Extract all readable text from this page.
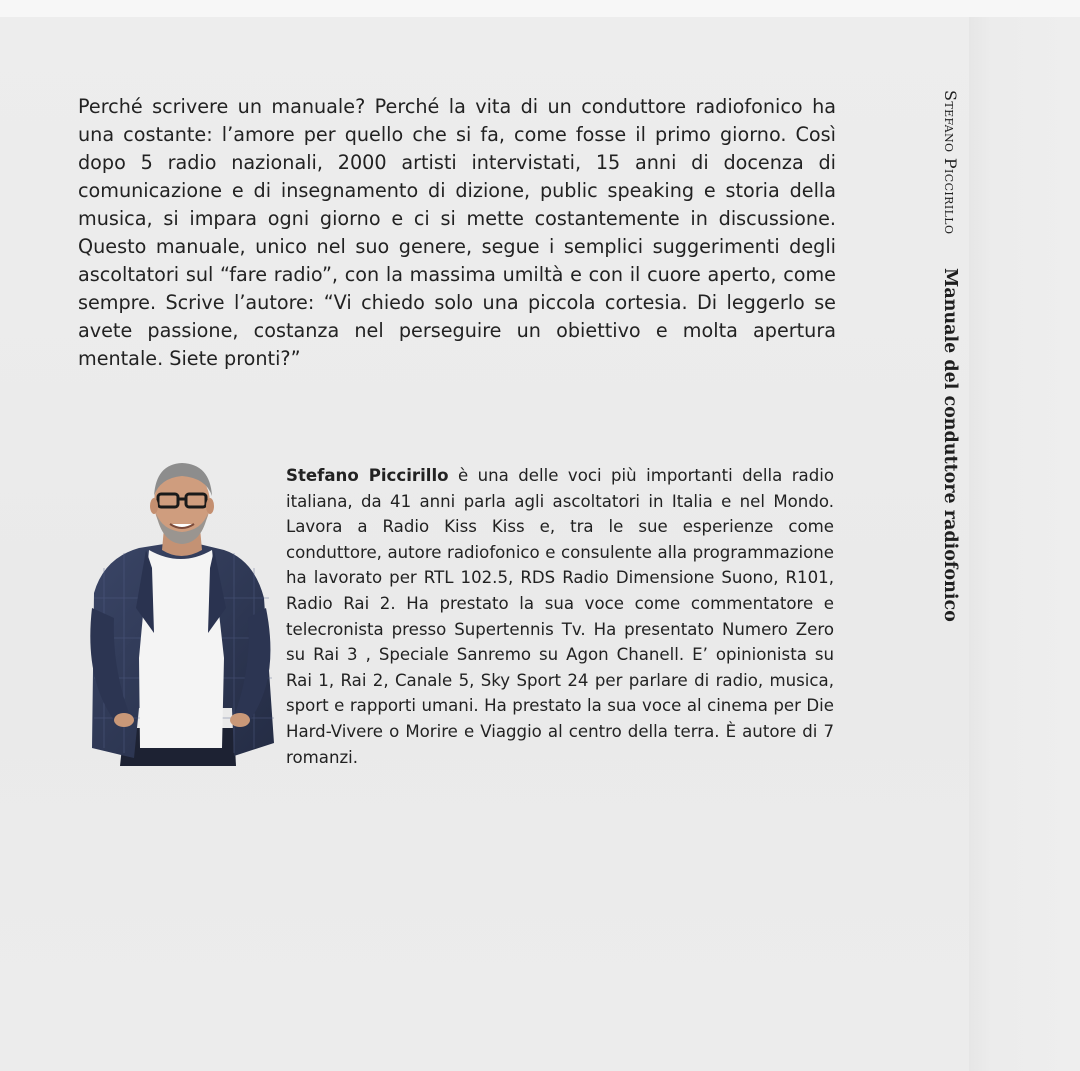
Perché scrivere un manuale? Perché la vita di un conduttore radiofonico ha una costante: l’amore per quello che si fa, come fosse il primo giorno. Così dopo 5 radio nazionali, 2000 artisti intervistati, 15 anni di docenza di comunicazione e di insegnamento di dizione, public speaking e storia della musica, si impara ogni giorno e ci si mette costantemente in discussione. Questo manuale, unico nel suo genere, segue i semplici suggerimenti degli ascoltatori sul “fare radio”, con la massima umiltà e con il cuore aperto, come sempre. Scrive l’autore: “Vi chiedo solo una piccola cortesia. Di leggerlo se avete passione, costanza nel perseguire un obiettivo e molta apertura mentale. Siete pronti?”

Stefano Piccirillo è una delle voci più importanti della radio italiana, da 41 anni parla agli ascoltatori in Italia e nel Mondo. Lavora a Radio Kiss Kiss e, tra le sue esperienze come conduttore, autore radiofonico e consulente alla programmazione ha lavorato per RTL 102.5, RDS Radio Dimensione Suono, R101, Radio Rai 2. Ha prestato la sua voce come commentatore e telecronista presso Supertennis Tv. Ha presentato Numero Zero su Rai 3 , Speciale Sanremo su Agon Chanell. E’ opinionista su Rai 1, Rai 2, Canale 5, Sky Sport 24 per parlare di radio, musica, sport e rapporti umani. Ha prestato la sua voce al cinema per Die Hard-Vivere o Morire e Viaggio al centro della terra. È autore di 7 romanzi.

Stefano Piccirillo Manuale del conduttore radiofonico
